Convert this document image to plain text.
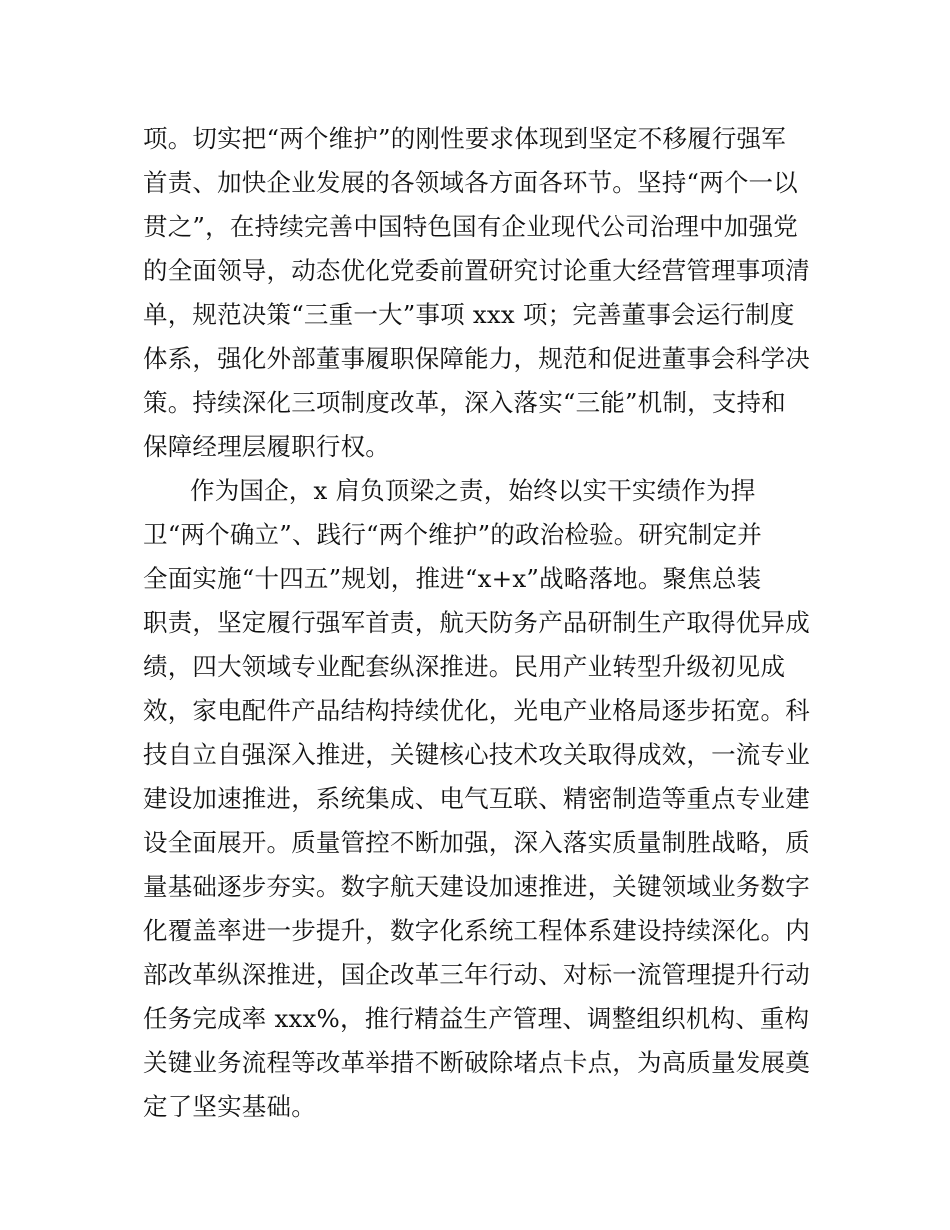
项。切实把“两个维护”的刚性要求体现到坚定不移履行强军
首责、加快企业发展的各领域各方面各环节。坚持“两个一以
贯之”，在持续完善中国特色国有企业现代公司治理中加强党
的全面领导，动态优化党委前置研究讨论重大经营管理事项清
单，规范决策“三重一大”事项 xxx 项；完善董事会运行制度
体系，强化外部董事履职保障能力，规范和促进董事会科学决
策。持续深化三项制度改革，深入落实“三能”机制，支持和
保障经理层履职行权。
作为国企，x 肩负顶梁之责，始终以实干实绩作为捍
卫“两个确立”、践行“两个维护”的政治检验。研究制定并
全面实施“十四五”规划，推进“x+x”战略落地。聚焦总装
职责，坚定履行强军首责，航天防务产品研制生产取得优异成
绩，四大领域专业配套纵深推进。民用产业转型升级初见成
效，家电配件产品结构持续优化，光电产业格局逐步拓宽。科
技自立自强深入推进，关键核心技术攻关取得成效，一流专业
建设加速推进，系统集成、电气互联、精密制造等重点专业建
设全面展开。质量管控不断加强，深入落实质量制胜战略，质
量基础逐步夯实。数字航天建设加速推进，关键领域业务数字
化覆盖率进一步提升，数字化系统工程体系建设持续深化。内
部改革纵深推进，国企改革三年行动、对标一流管理提升行动
任务完成率 xxx%，推行精益生产管理、调整组织机构、重构
关键业务流程等改革举措不断破除堵点卡点，为高质量发展奠
定了坚实基础。
